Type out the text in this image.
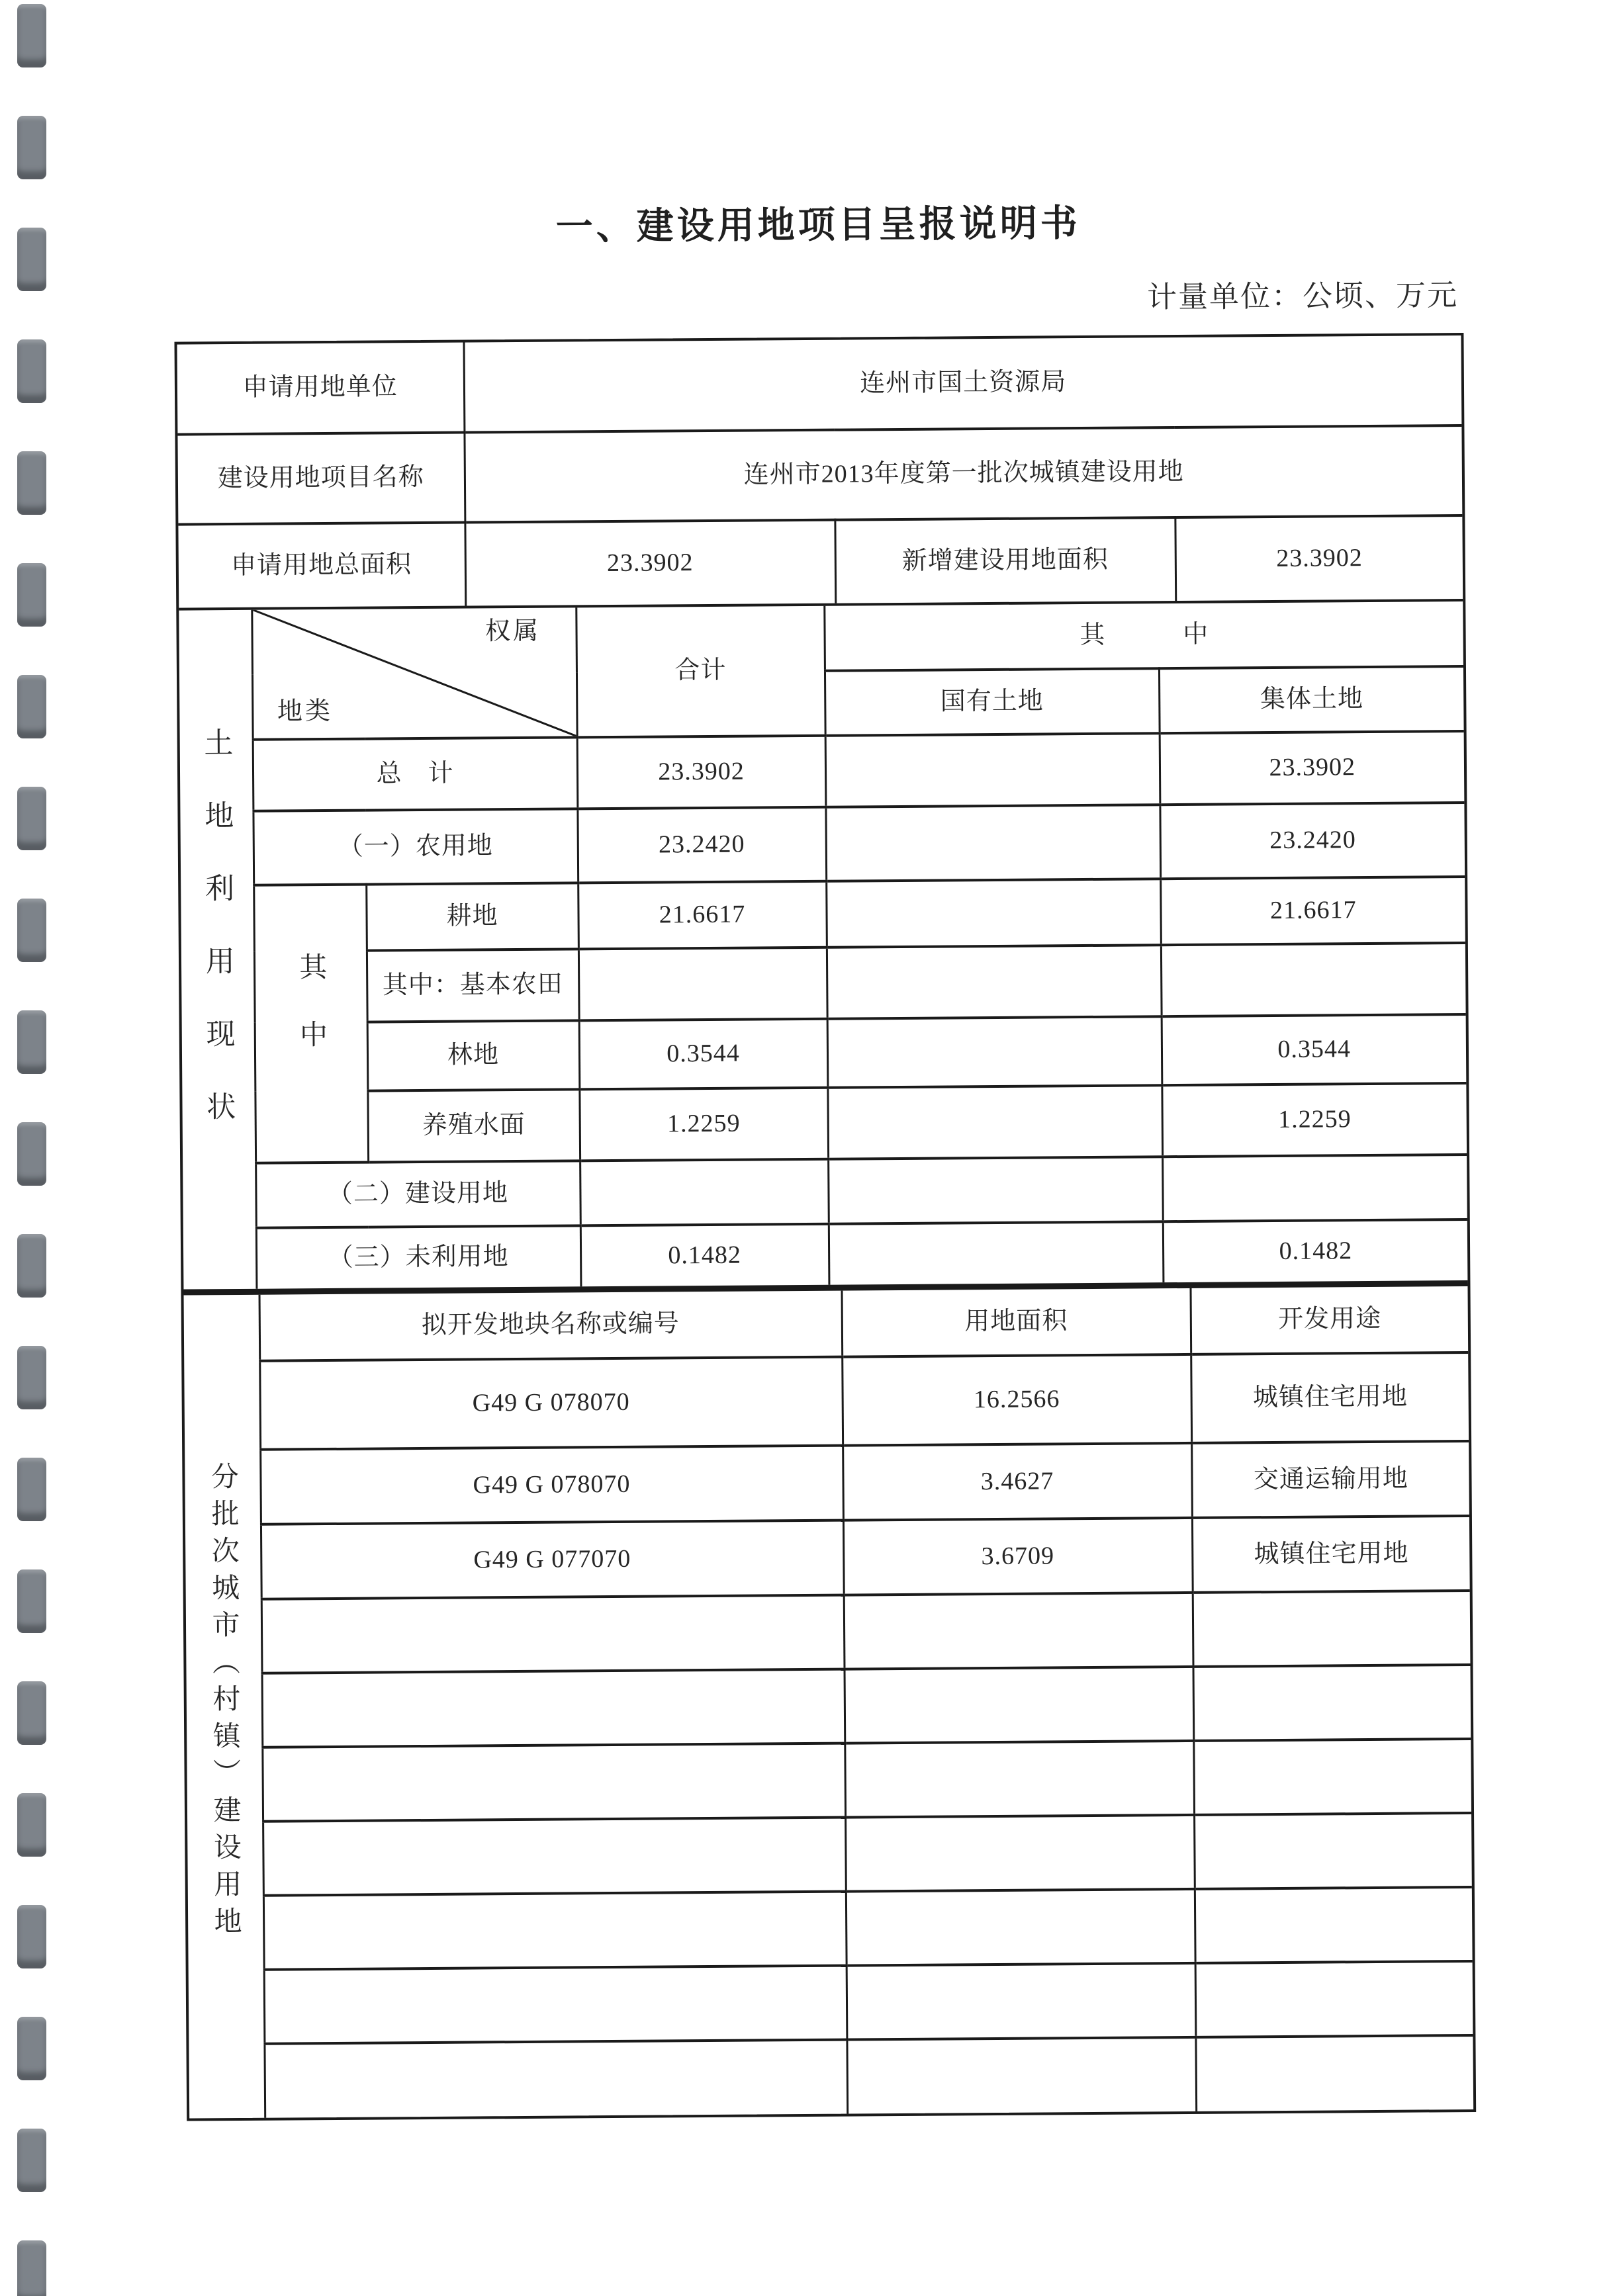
一、建设用地项目呈报说明书
计量单位：公顷、万元
申请用地单位	连州市国土资源局		
建设用地项目名称	连州市2013年度第一批次城镇建设用地		
申请用地总面积	23.3902	新增建设用地面积	23.3902
土地利用现状	权属
地类		合计	其　　　中	
				国有土地	集体土地
	总　计		23.3902		23.3902
	（一）农用地		23.2420		23.2420
	其中	耕地	21.6617		21.6617
		其中：基本农田			
		林地	0.3544		0.3544
		养殖水面	1.2259		1.2259
	（二）建设用地				
	（三）未利用地		0.1482		0.1482
分批次城市（村镇）建设用地	拟开发地块名称或编号	用地面积	开发用途
	G49 G 078070	16.2566	城镇住宅用地
	G49 G 078070	3.4627	交通运输用地
	G49 G 077070	3.6709	城镇住宅用地
